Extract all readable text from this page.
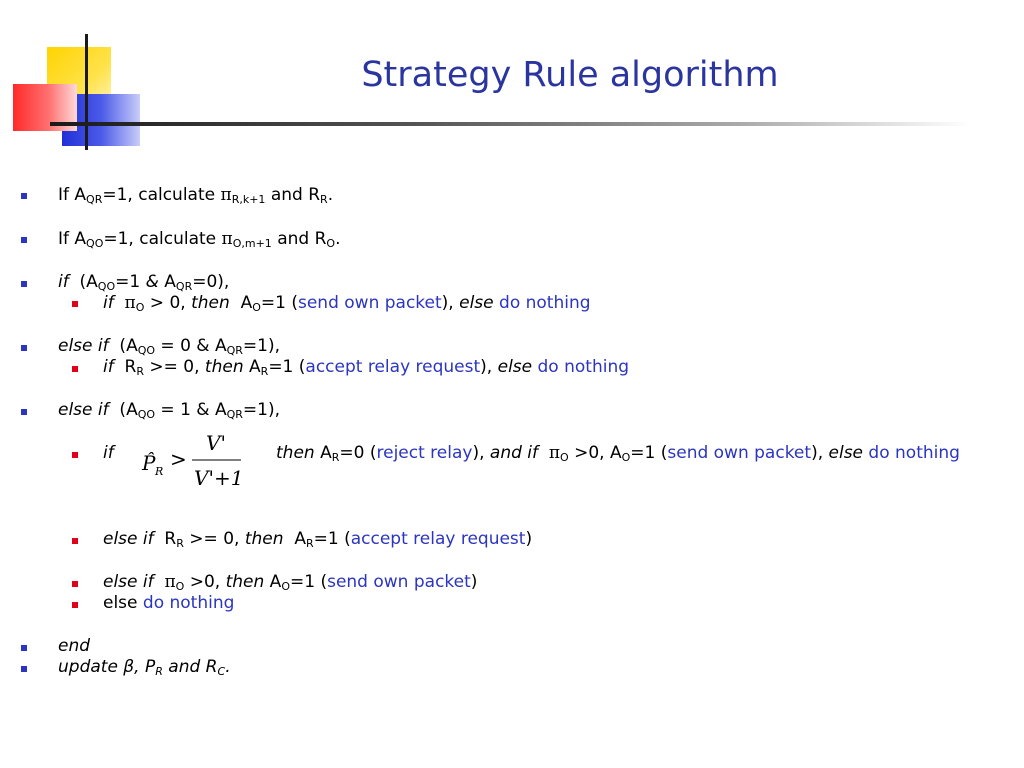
Strategy Rule algorithm
If $A_{QR}=1$, calculate $\pi_{R,k+1}$ and $R_R$.
If $A_{QO}=1$, calculate $\pi_{O,m+1}$ and $R_O$.
if  ($A_{QO}=1$ & $A_{QR}=0$),
if $\pi_O > 0$, then  $A_O=1$ (send own packet), else do nothing
else if  ($A_{QO} = 0$ & $A_{QR}=1$),
if  $R_R >= 0$, then $A_R=1$ (accept relay request), else do nothing
else if  ($A_{QO} = 1$ & $A_{QR}=1$),
if P̂ R
>
V'
V'+1
then $A_R=0$ (reject relay), and if $\pi_O >0$, $A_O=1$ (send own packet), else do nothing
else if  $R_R >= 0$, then  $A_R=1$ (accept relay request)
else if $\pi_O >0$, then $A_O=1$ (send own packet)
else do nothing
end
update β, $P_R$ and $R_C$.
